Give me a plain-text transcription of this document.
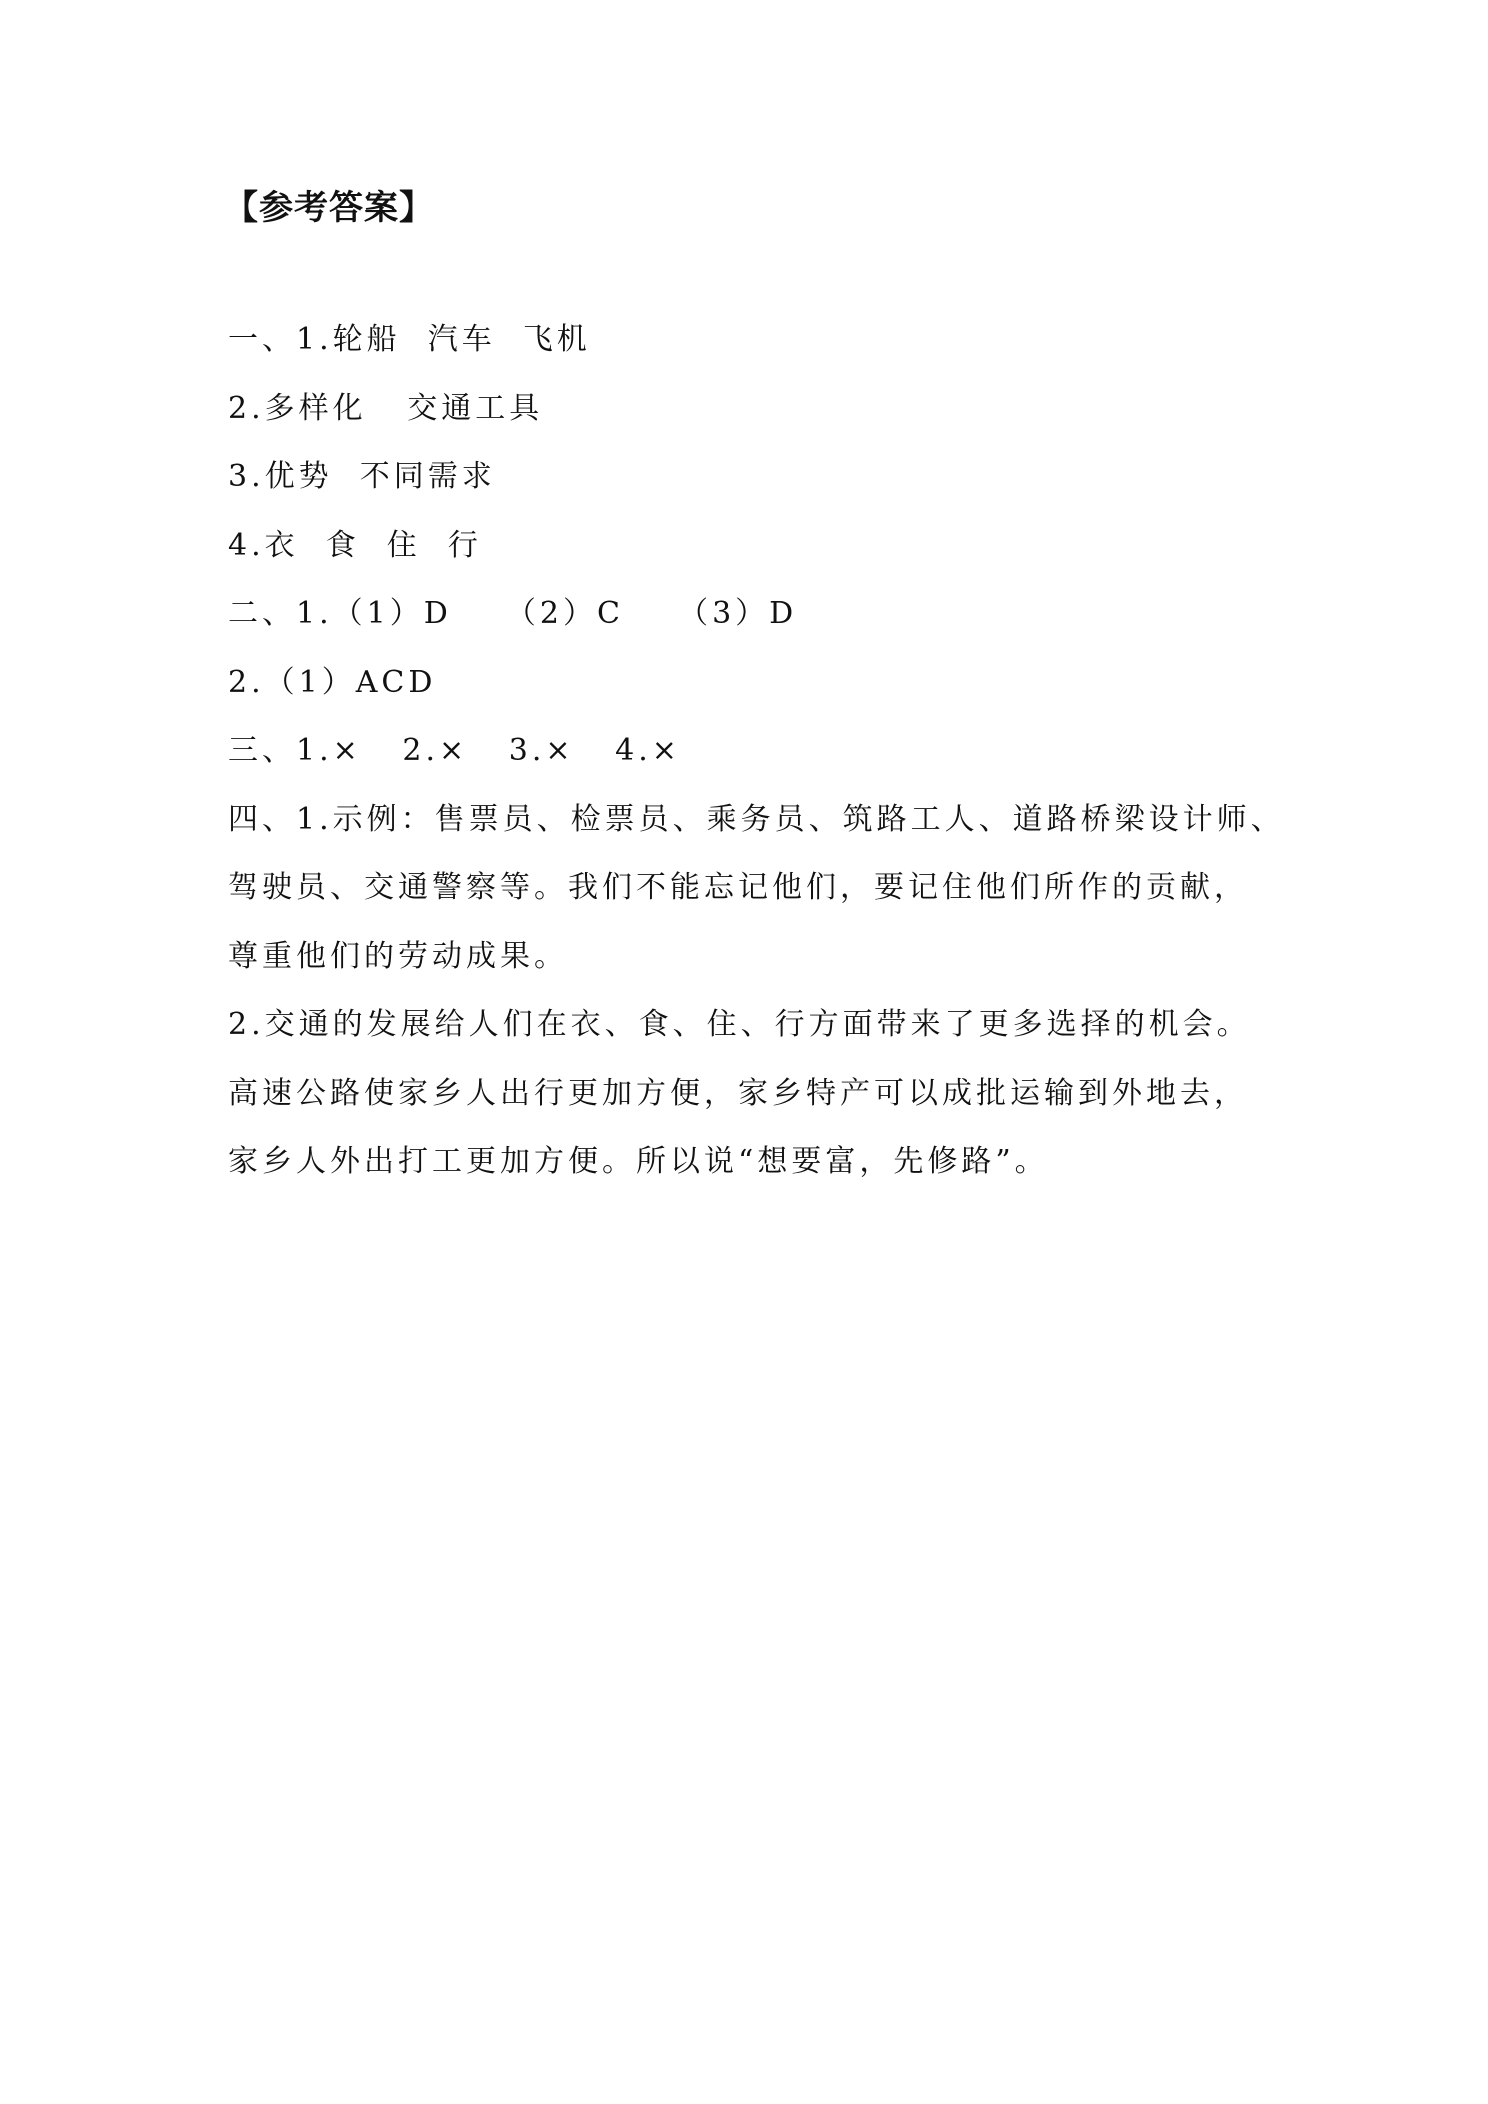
【参考答案】
一、1.轮船  汽车  飞机
2.多样化   交通工具
3.优势  不同需求
4.衣  食  住  行
二、1.（1）D    （2）C    （3）D
2.（1）ACD
三、1.×   2.×   3.×   4.×
四、1.示例：售票员、检票员、乘务员、筑路工人、道路桥梁设计师、
驾驶员、交通警察等。我们不能忘记他们，要记住他们所作的贡献，
尊重他们的劳动成果。
2.交通的发展给人们在衣、食、住、行方面带来了更多选择的机会。
高速公路使家乡人出行更加方便，家乡特产可以成批运输到外地去，
家乡人外出打工更加方便。所以说“想要富，先修路”。
